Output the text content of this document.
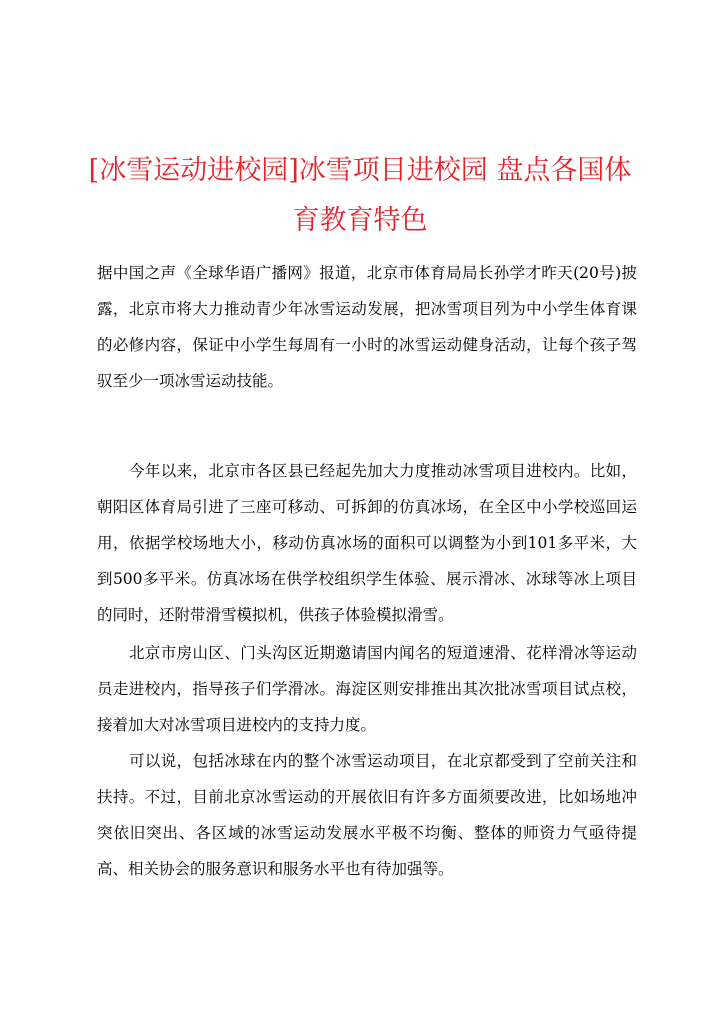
[冰雪运动进校园]冰雪项目进校园 盘点各国体育教育特色

据中国之声《全球华语广播网》报道，北京市体育局局长孙学才昨天(20号)披露，北京市将大力推动青少年冰雪运动发展，把冰雪项目列为中小学生体育课的必修内容，保证中小学生每周有一小时的冰雪运动健身活动，让每个孩子驾驭至少一项冰雪运动技能。

今年以来，北京市各区县已经起先加大力度推动冰雪项目进校内。比如，朝阳区体育局引进了三座可移动、可拆卸的仿真冰场，在全区中小学校巡回运用，依据学校场地大小，移动仿真冰场的面积可以调整为小到101多平米，大到500多平米。仿真冰场在供学校组织学生体验、展示滑冰、冰球等冰上项目的同时，还附带滑雪模拟机，供孩子体验模拟滑雪。

北京市房山区、门头沟区近期邀请国内闻名的短道速滑、花样滑冰等运动员走进校内，指导孩子们学滑冰。海淀区则安排推出其次批冰雪项目试点校，接着加大对冰雪项目进校内的支持力度。

可以说，包括冰球在内的整个冰雪运动项目，在北京都受到了空前关注和扶持。不过，目前北京冰雪运动的开展依旧有许多方面须要改进，比如场地冲突依旧突出、各区域的冰雪运动发展水平极不均衡、整体的师资力气亟待提高、相关协会的服务意识和服务水平也有待加强等。
